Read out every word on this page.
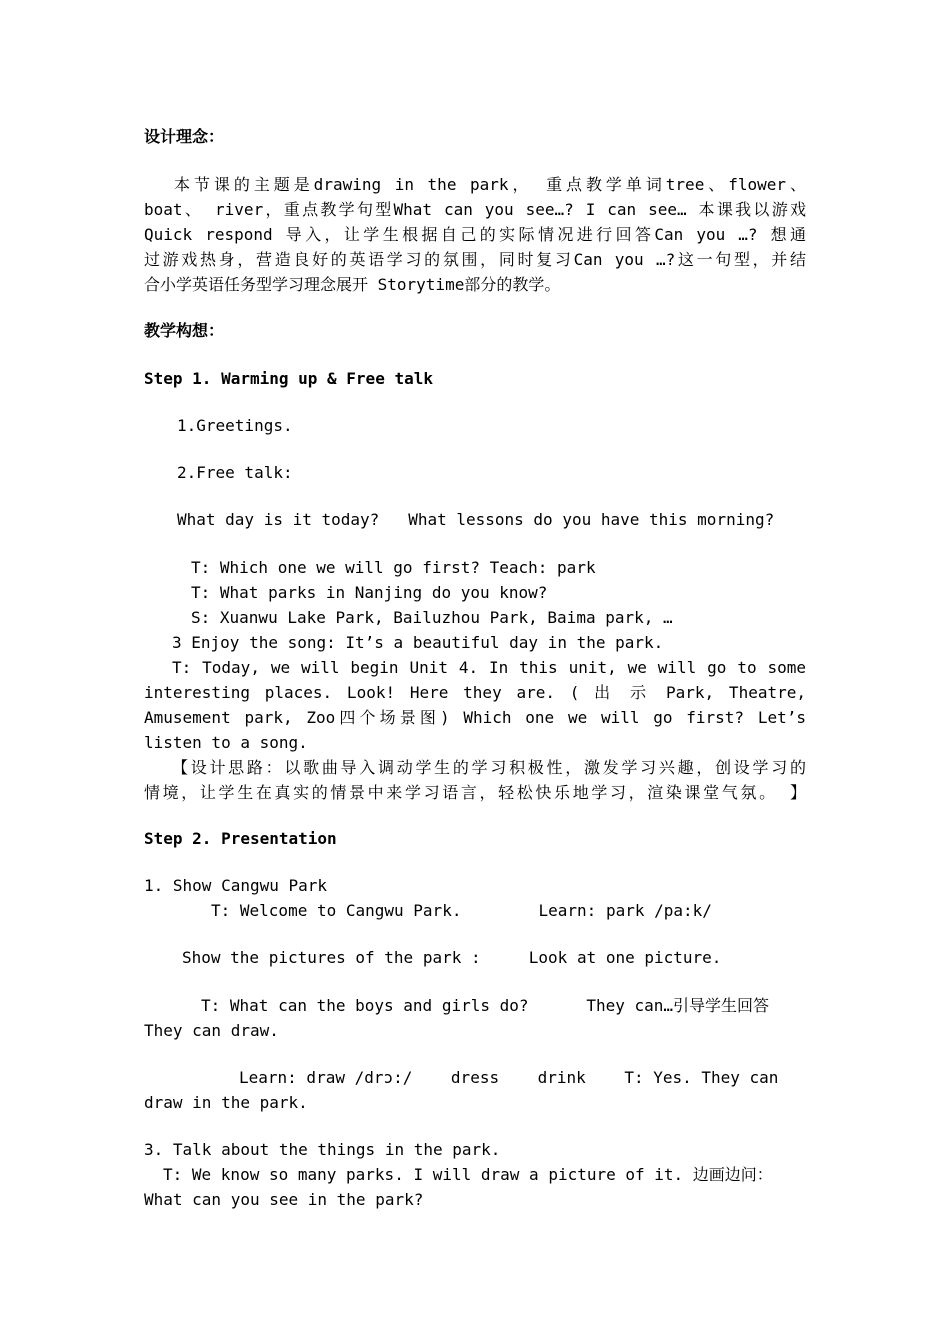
设计理念：
本节课的主题是drawing in the park， 重点教学单词tree、flower、
boat、 river，重点教学句型What can you see…? I can see… 本课我以游戏
Quick respond 导入，让学生根据自己的实际情况进行回答Can you …? 想通
过游戏热身，营造良好的英语学习的氛围，同时复习Can you …?这一句型，并结
合小学英语任务型学习理念展开 Storytime部分的教学。
教学构想：
Step 1. Warming up & Free talk
1.Greetings.
2.Free talk:
What day is it today?   What lessons do you have this morning?
T: Which one we will go first? Teach: park
T: What parks in Nanjing do you know?
S: Xuanwu Lake Park, Bailuzhou Park, Baima park, …
3 Enjoy the song: It’s a beautiful day in the park.
T: Today, we will begin Unit 4. In this unit, we will go to some
interesting places. Look! Here they are. ( 出 示 Park, Theatre,
Amusement park, Zoo四个场景图) Which one we will go first? Let’s
listen to a song.
【设计思路：以歌曲导入调动学生的学习积极性，激发学习兴趣，创设学习的
情境，让学生在真实的情景中来学习语言，轻松快乐地学习，渲染课堂气氛。 】
Step 2. Presentation
1. Show Cangwu Park
T: Welcome to Cangwu Park.        Learn: park /pa:k/
Show the pictures of the park :     Look at one picture.
T: What can the boys and girls do?      They can…引导学生回答
They can draw.
Learn: draw /drɔ:/    dress    drink    T: Yes. They can
draw in the park.
3. Talk about the things in the park.
T: We know so many parks. I will draw a picture of it. 边画边问：
What can you see in the park?
